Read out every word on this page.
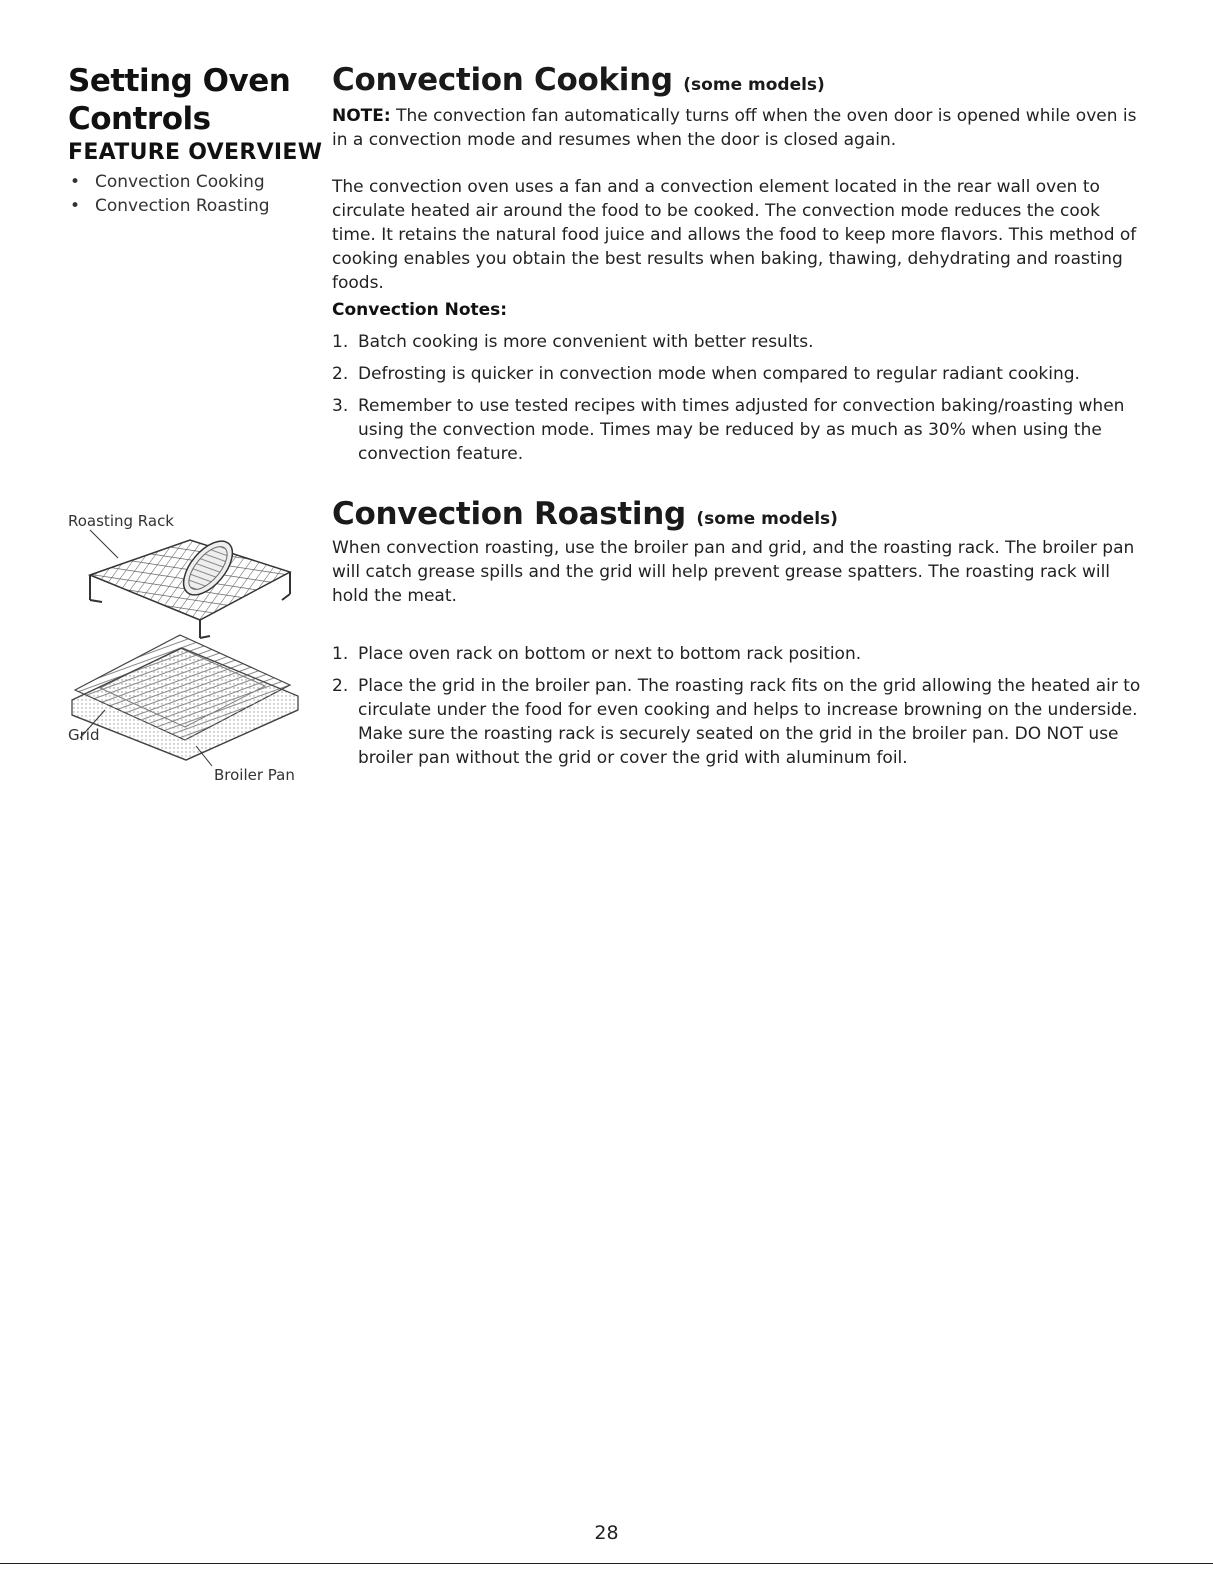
Setting Oven Controls
FEATURE OVERVIEW
• Convection Cooking
• Convection Roasting
Convection Cooking (some models)
NOTE: The convection fan automatically turns off when the oven door is opened while oven is in a convection mode and resumes when the door is closed again.
The convection oven uses a fan and a convection element located in the rear wall oven to circulate heated air around the food to be cooked. The convection mode reduces the cook time. It retains the natural food juice and allows the food to keep more flavors. This method of cooking enables you obtain the best results when baking, thawing, dehydrating and roasting foods.
Convection Notes:
1. Batch cooking is more convenient with better results.
2. Defrosting is quicker in convection mode when compared to regular radiant cooking.
3. Remember to use tested recipes with times adjusted for convection baking/roasting when using the convection mode. Times may be reduced by as much as 30% when using the convection feature.
Roasting Rack
Grid
Broiler Pan
Convection Roasting (some models)
When convection roasting, use the broiler pan and grid, and the roasting rack. The broiler pan will catch grease spills and the grid will help prevent grease spatters. The roasting rack will hold the meat.
1. Place oven rack on bottom or next to bottom rack position.
2. Place the grid in the broiler pan. The roasting rack fits on the grid allowing the heated air to circulate under the food for even cooking and helps to increase browning on the underside. Make sure the roasting rack is securely seated on the grid in the broiler pan. DO NOT use broiler pan without the grid or cover the grid with aluminum foil.
28
